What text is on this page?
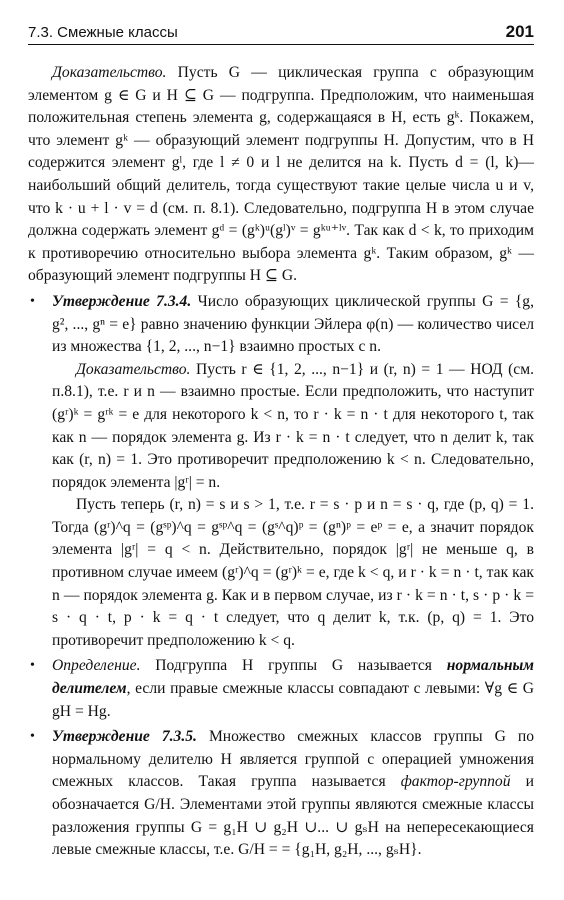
7.3. Смежные классы	201

Доказательство. Пусть G — циклическая группа с образующим элементом g ∈ G и H ⊆ G — подгруппа. Предположим, что наименьшая положительная степень элемента g, содержащаяся в H, есть gᵏ. Покажем, что элемент gᵏ — образующий элемент подгруппы H. Допустим, что в H содержится элемент gˡ, где l ≠ 0 и l не делится на k. Пусть d = (l, k)— наибольший общий делитель, тогда существуют такие целые числа u и v, что k · u + l · v = d (см. п. 8.1). Следовательно, подгруппа H в этом случае должна содержать элемент gᵈ = (gᵏ)ᵘ(gˡ)ᵛ = gᵏᵘ⁺ˡᵛ. Так как d < k, то приходим к противоречию относительно выбора элемента gᵏ. Таким образом, gᵏ — образующий элемент подгруппы H ⊆ G.

• Утверждение 7.3.4. Число образующих циклической группы G = {g, g², ..., gⁿ = e} равно значению функции Эйлера φ(n) — количество чисел из множества {1, 2, ..., n−1} взаимно простых с n.

Доказательство. Пусть r ∈ {1, 2, ..., n−1} и (r, n) = 1 — НОД (см. п.8.1), т.е. r и n — взаимно простые. Если предположить, что наступит (gʳ)ᵏ = gʳᵏ = e для некоторого k < n, то r · k = n · t для некоторого t, так как n — порядок элемента g. Из r · k = n · t следует, что n делит k, так как (r, n) = 1. Это противоречит предположению k < n. Следовательно, порядок элемента |gʳ| = n.

Пусть теперь (r, n) = s и s > 1, т.е. r = s · p и n = s · q, где (p, q) = 1. Тогда (gʳ)^q = (gˢᵖ)^q = gˢᵖ^q = (gˢ^q)ᵖ = (gⁿ)ᵖ = eᵖ = e, а значит порядок элемента |gʳ| = q < n. Действительно, порядок |gʳ| не меньше q, в противном случае имеем (gʳ)^q = (gʳ)ᵏ = e, где k < q, и r · k = n · t, так как n — порядок элемента g. Как и в первом случае, из r · k = n · t, s · p · k = s · q · t, p · k = q · t следует, что q делит k, т.к. (p, q) = 1. Это противоречит предположению k < q.

• Определение. Подгруппа H группы G называется нормальным делителем, если правые смежные классы совпадают с левыми: ∀g ∈ G gH = Hg.

• Утверждение 7.3.5. Множество смежных классов группы G по нормальному делителю H является группой с операцией умножения смежных классов. Такая группа называется фактор-группой и обозначается G/H. Элементами этой группы являются смежные классы разложения группы G = g₁H ∪ g₂H ∪... ∪ gₛH на непересекающиеся левые смежные классы, т.е. G/H = = {g₁H, g₂H, ..., gₛH}.
